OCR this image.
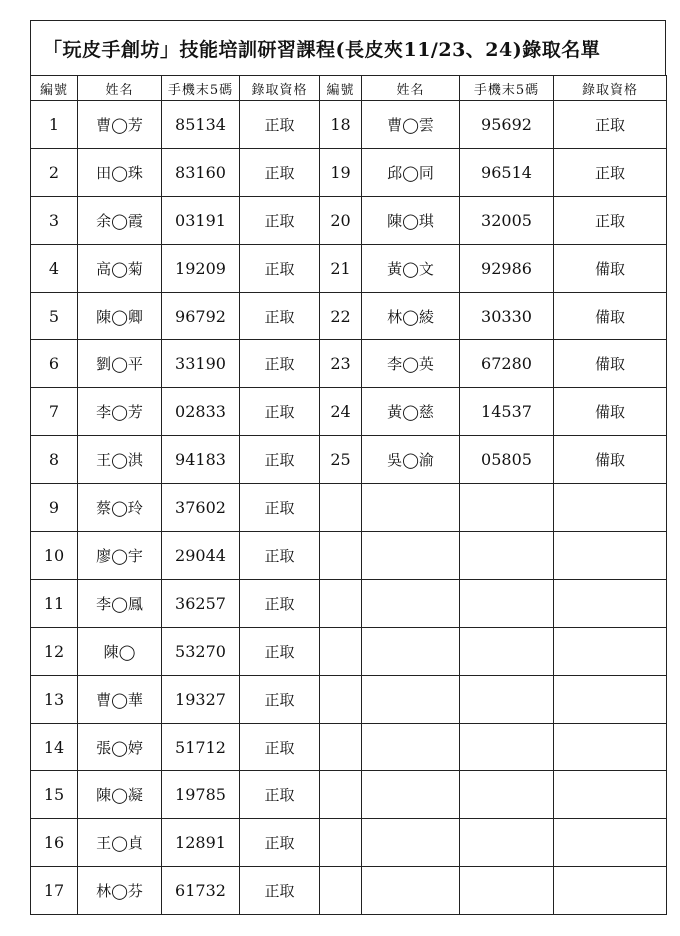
「玩皮手創坊」技能培訓研習課程(長皮夾11/23、24)錄取名單
編號	姓名	手機末5碼	錄取資格	編號	姓名	手機末5碼	錄取資格
1	曹◯芳	85134	正取	18	曹◯雲	95692	正取
2	田◯珠	83160	正取	19	邱◯同	96514	正取
3	余◯霞	03191	正取	20	陳◯琪	32005	正取
4	高◯菊	19209	正取	21	黃◯文	92986	備取
5	陳◯卿	96792	正取	22	林◯綾	30330	備取
6	劉◯平	33190	正取	23	李◯英	67280	備取
7	李◯芳	02833	正取	24	黃◯慈	14537	備取
8	王◯淇	94183	正取	25	吳◯渝	05805	備取
9	蔡◯玲	37602	正取				
10	廖◯宇	29044	正取				
11	李◯鳳	36257	正取				
12	陳◯	53270	正取				
13	曹◯華	19327	正取				
14	張◯婷	51712	正取				
15	陳◯凝	19785	正取				
16	王◯貞	12891	正取				
17	林◯芬	61732	正取				
